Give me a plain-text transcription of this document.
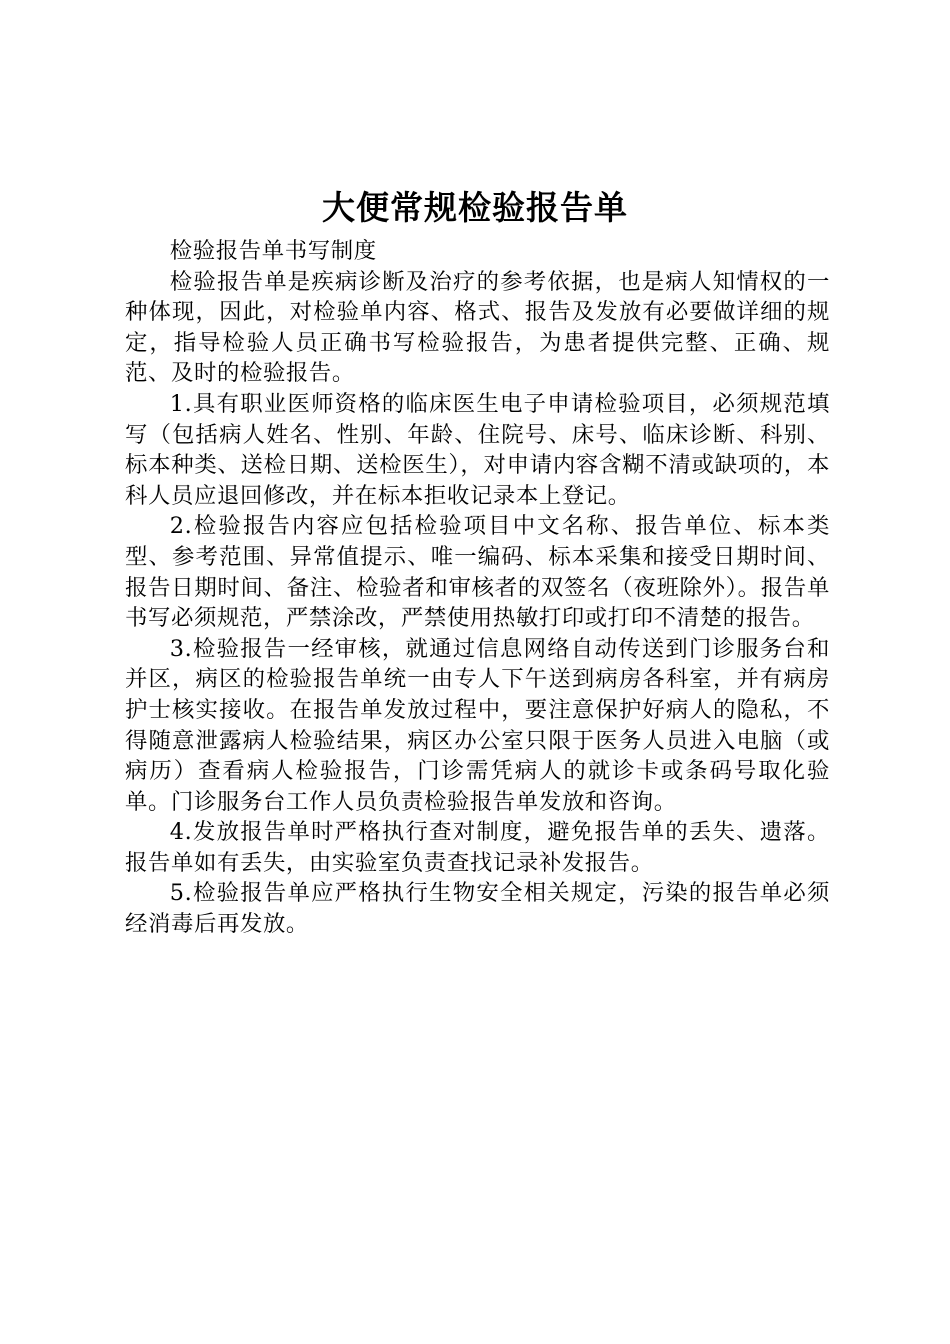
大便常规检验报告单

检验报告单书写制度

检验报告单是疾病诊断及治疗的参考依据，也是病人知情权的一种体现，因此，对检验单内容、格式、报告及发放有必要做详细的规定，指导检验人员正确书写检验报告，为患者提供完整、正确、规范、及时的检验报告。

1.具有职业医师资格的临床医生电子申请检验项目，必须规范填写（包括病人姓名、性别、年龄、住院号、床号、临床诊断、科别、标本种类、送检日期、送检医生），对申请内容含糊不清或缺项的，本科人员应退回修改，并在标本拒收记录本上登记。

2.检验报告内容应包括检验项目中文名称、报告单位、标本类型、参考范围、异常值提示、唯一编码、标本采集和接受日期时间、报告日期时间、备注、检验者和审核者的双签名（夜班除外）。报告单书写必须规范，严禁涂改，严禁使用热敏打印或打印不清楚的报告。

3.检验报告一经审核，就通过信息网络自动传送到门诊服务台和并区，病区的检验报告单统一由专人下午送到病房各科室，并有病房护士核实接收。在报告单发放过程中，要注意保护好病人的隐私，不得随意泄露病人检验结果，病区办公室只限于医务人员进入电脑（或病历）查看病人检验报告，门诊需凭病人的就诊卡或条码号取化验单。门诊服务台工作人员负责检验报告单发放和咨询。

4.发放报告单时严格执行查对制度，避免报告单的丢失、遗落。报告单如有丢失，由实验室负责查找记录补发报告。

5.检验报告单应严格执行生物安全相关规定，污染的报告单必须经消毒后再发放。
